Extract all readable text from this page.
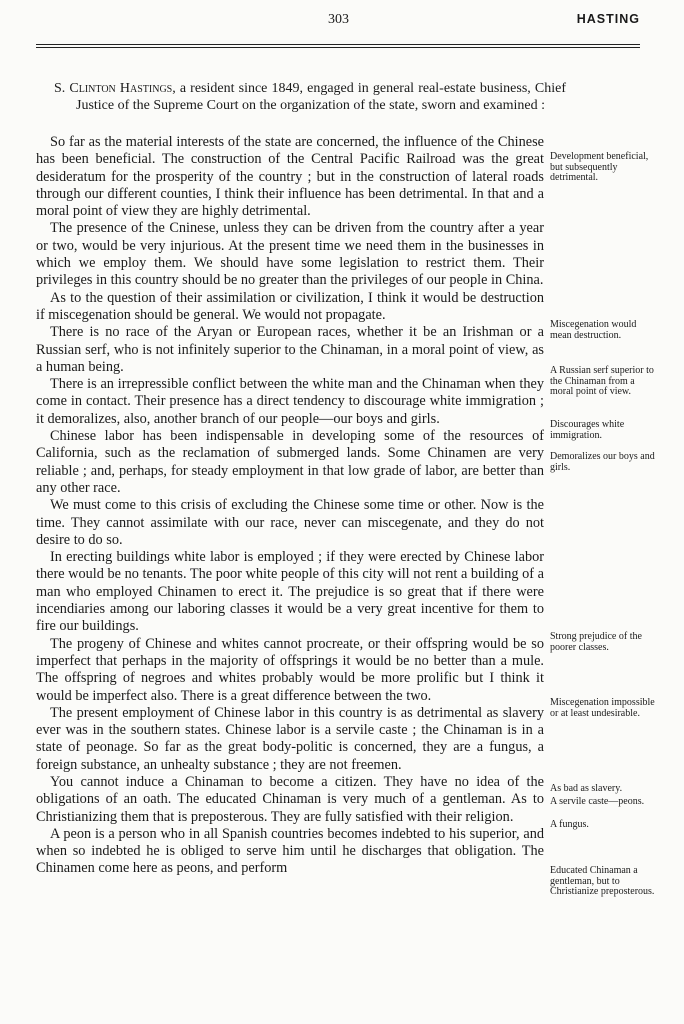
303	HASTING

S. Clinton Hastings, a resident since 1849, engaged in general real-estate business, Chief Justice of the Supreme Court on the organization of the state, sworn and examined :

So far as the material interests of the state are concerned, the influence of the Chinese has been beneficial. The construction of the Central Pacific Railroad was the great desideratum for the prosperity of the country ; but in the construction of lateral roads through our different counties, I think their influence has been detrimental. In that and a moral point of view they are highly detrimental.

The presence of the Cninese, unless they can be driven from the country after a year or two, would be very injurious. At the present time we need them in the businesses in which we employ them. We should have some legislation to restrict them. Their privileges in this country should be no greater than the privileges of our people in China.

As to the question of their assimilation or civilization, I think it would be destruction if miscegenation should be general. We would not propagate.

There is no race of the Aryan or European races, whether it be an Irishman or a Russian serf, who is not infinitely superior to the Chinaman, in a moral point of view, as a human being.

There is an irrepressible conflict between the white man and the Chinaman when they come in contact. Their presence has a direct tendency to discourage white immigration ; it demoralizes, also, another branch of our people—our boys and girls.

Chinese labor has been indispensable in developing some of the resources of California, such as the reclamation of submerged lands. Some Chinamen are very reliable ; and, perhaps, for steady employment in that low grade of labor, are better than any other race.

We must come to this crisis of excluding the Chinese some time or other. Now is the time. They cannot assimilate with our race, never can miscegenate, and they do not desire to do so.

In erecting buildings white labor is employed ; if they were erected by Chinese labor there would be no tenants. The poor white people of this city will not rent a building of a man who employed Chinamen to erect it. The prejudice is so great that if there were incendiaries among our laboring classes it would be a very great incentive for them to fire our buildings.

The progeny of Chinese and whites cannot procreate, or their offspring would be so imperfect that perhaps in the majority of offsprings it would be no better than a mule. The offspring of negroes and whites probably would be more prolific but I think it would be imperfect also. There is a great difference between the two.

The present employment of Chinese labor in this country is as detrimental as slavery ever was in the southern states. Chinese labor is a servile caste ; the Chinaman is in a state of peonage. So far as the great body-politic is concerned, they are a fungus, a foreign substance, an unhealty substance ; they are not freemen.

You cannot induce a Chinaman to become a citizen. They have no idea of the obligations of an oath. The educated Chinaman is very much of a gentleman. As to Christianizing them that is preposterous. They are fully satisfied with their religion.

A peon is a person who in all Spanish countries becomes indebted to his superior, and when so indebted he is obliged to serve him until he discharges that obligation. The Chinamen come here as peons, and perform

Development beneficial, but subsequently detrimental.
Miscegenation would mean destruction.
A Russian serf superior to the Chinaman from a moral point of view.
Discourages white immigration.
Demoralizes our boys and girls.
Strong prejudice of the poorer classes.
Miscegenation impossible or at least undesirable.
As bad as slavery.
A servile caste—peons.
A fungus.
Educated Chinaman a gentleman, but to Christianize preposterous.
